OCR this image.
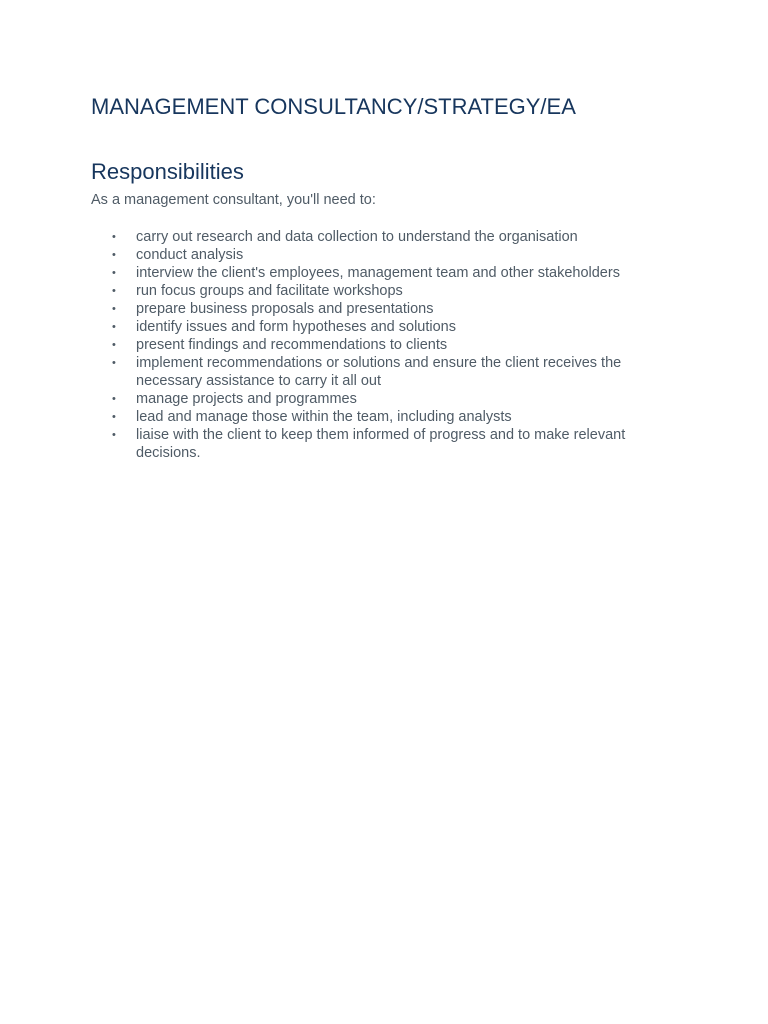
MANAGEMENT CONSULTANCY/STRATEGY/EA
Responsibilities

As a management consultant, you'll need to:

• carry out research and data collection to understand the organisation
• conduct analysis
• interview the client's employees, management team and other stakeholders
• run focus groups and facilitate workshops
• prepare business proposals and presentations
• identify issues and form hypotheses and solutions
• present findings and recommendations to clients
• implement recommendations or solutions and ensure the client receives the necessary assistance to carry it all out
• manage projects and programmes
• lead and manage those within the team, including analysts
• liaise with the client to keep them informed of progress and to make relevant decisions.
